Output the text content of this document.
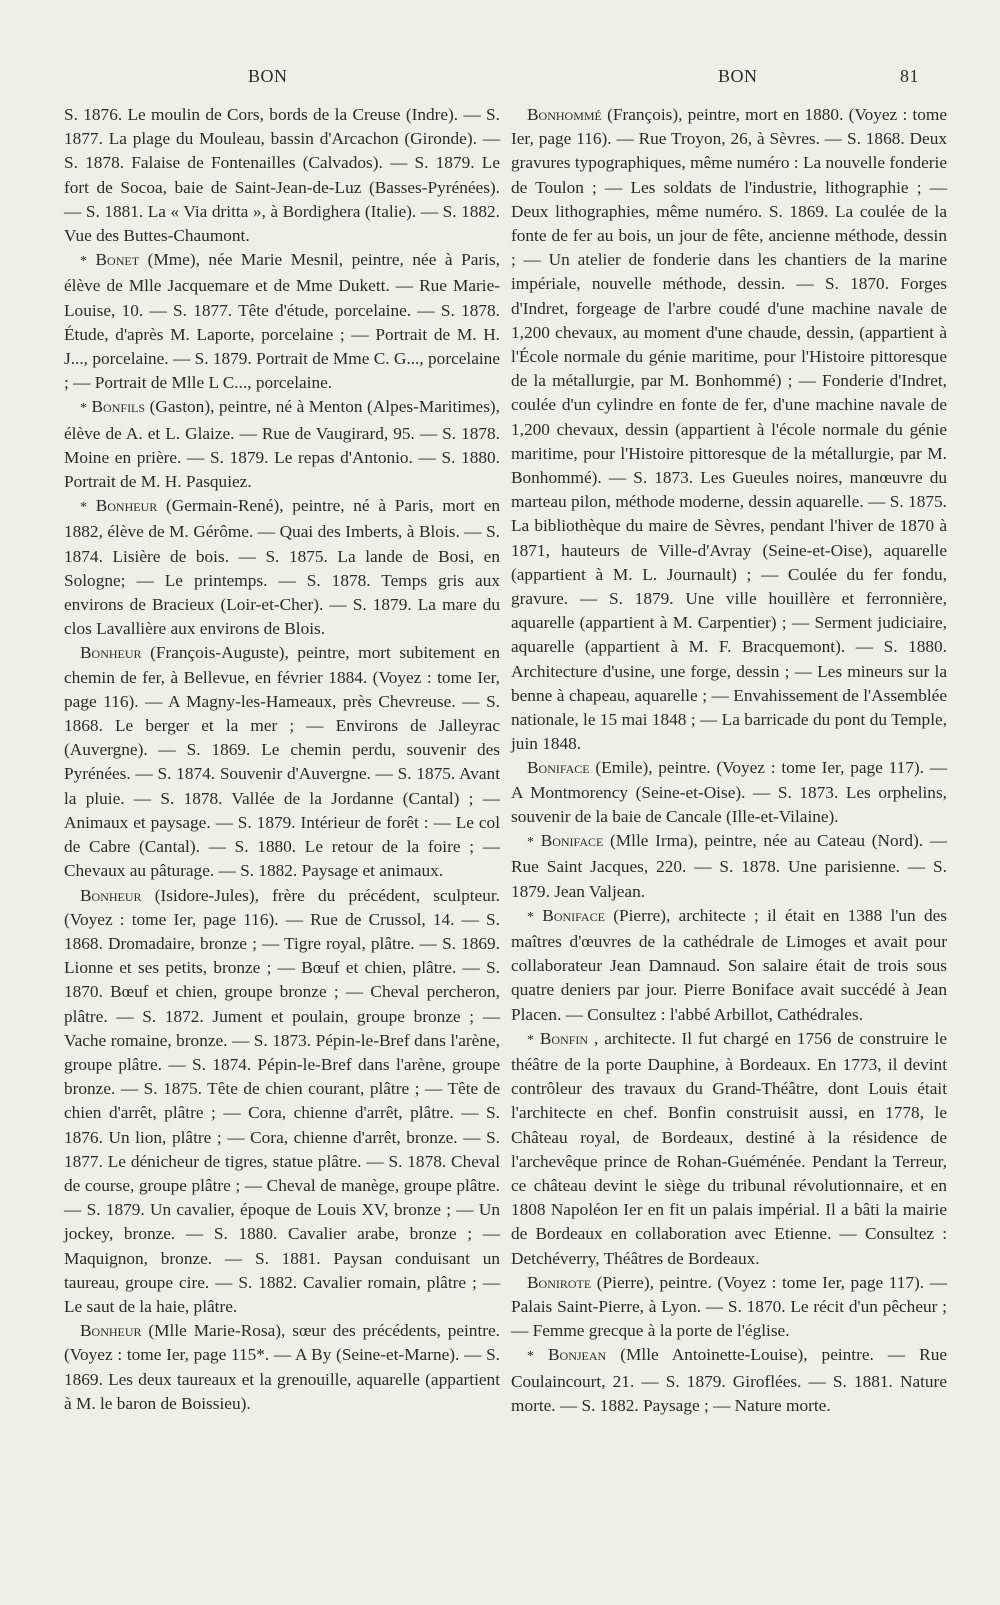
BON	BON	81

S. 1876. Le moulin de Cors, bords de la Creuse (Indre). — S. 1877. La plage du Mouleau, bassin d'Arcachon (Gironde). — S. 1878. Falaise de Fontenailles (Calvados). — S. 1879. Le fort de Socoa, baie de Saint-Jean-de-Luz (Basses-Pyrénées). — S. 1881. La « Via dritta », à Bordighera (Italie). — S. 1882. Vue des Buttes-Chaumont.

* Bonet (Mme), née Marie Mesnil, peintre, née à Paris, élève de Mlle Jacquemare et de Mme Dukett. — Rue Marie-Louise, 10. — S. 1877. Tête d'étude, porcelaine. — S. 1878. Étude, d'après M. Laporte, porcelaine ; — Portrait de M. H. J..., porcelaine. — S. 1879. Portrait de Mme C. G..., porcelaine ; — Portrait de Mlle L C..., porcelaine.

* Bonfils (Gaston), peintre, né à Menton (Alpes-Maritimes), élève de A. et L. Glaize. — Rue de Vaugirard, 95. — S. 1878. Moine en prière. — S. 1879. Le repas d'Antonio. — S. 1880. Portrait de M. H. Pasquiez.

* Bonheur (Germain-René), peintre, né à Paris, mort en 1882, élève de M. Gérôme. — Quai des Imberts, à Blois. — S. 1874. Lisière de bois. — S. 1875. La lande de Bosi, en Sologne; — Le printemps. — S. 1878. Temps gris aux environs de Bracieux (Loir-et-Cher). — S. 1879. La mare du clos Lavallière aux environs de Blois.

Bonheur (François-Auguste), peintre, mort subitement en chemin de fer, à Bellevue, en février 1884. (Voyez : tome Ier, page 116). — A Magny-les-Hameaux, près Chevreuse. — S. 1868. Le berger et la mer ; — Environs de Jalleyrac (Auvergne). — S. 1869. Le chemin perdu, souvenir des Pyrénées. — S. 1874. Souvenir d'Auvergne. — S. 1875. Avant la pluie. — S. 1878. Vallée de la Jordanne (Cantal) ; — Animaux et paysage. — S. 1879. Intérieur de forêt : — Le col de Cabre (Cantal). — S. 1880. Le retour de la foire ; — Chevaux au pâturage. — S. 1882. Paysage et animaux.

Bonheur (Isidore-Jules), frère du précédent, sculpteur. (Voyez : tome Ier, page 116). — Rue de Crussol, 14. — S. 1868. Dromadaire, bronze ; — Tigre royal, plâtre. — S. 1869. Lionne et ses petits, bronze ; — Bœuf et chien, plâtre. — S. 1870. Bœuf et chien, groupe bronze ; — Cheval percheron, plâtre. — S. 1872. Jument et poulain, groupe bronze ; — Vache romaine, bronze. — S. 1873. Pépin-le-Bref dans l'arène, groupe plâtre. — S. 1874. Pépin-le-Bref dans l'arène, groupe bronze. — S. 1875. Tête de chien courant, plâtre ; — Tête de chien d'arrêt, plâtre ; — Cora, chienne d'arrêt, plâtre. — S. 1876. Un lion, plâtre ; — Cora, chienne d'arrêt, bronze. — S. 1877. Le dénicheur de tigres, statue plâtre. — S. 1878. Cheval de course, groupe plâtre ; — Cheval de manège, groupe plâtre. — S. 1879. Un cavalier, époque de Louis XV, bronze ; — Un jockey, bronze. — S. 1880. Cavalier arabe, bronze ; — Maquignon, bronze. — S. 1881. Paysan conduisant un taureau, groupe cire. — S. 1882. Cavalier romain, plâtre ; — Le saut de la haie, plâtre.

Bonheur (Mlle Marie-Rosa), sœur des précédents, peintre. (Voyez : tome Ier, page 115*. — A By (Seine-et-Marne). — S. 1869. Les deux taureaux et la grenouille, aquarelle (appartient à M. le baron de Boissieu).

Bonhommé (François), peintre, mort en 1880. (Voyez : tome Ier, page 116). — Rue Troyon, 26, à Sèvres. — S. 1868. Deux gravures typographiques, même numéro : La nouvelle fonderie de Toulon ; — Les soldats de l'industrie, lithographie ; — Deux lithographies, même numéro. S. 1869. La coulée de la fonte de fer au bois, un jour de fête, ancienne méthode, dessin ; — Un atelier de fonderie dans les chantiers de la marine impériale, nouvelle méthode, dessin. — S. 1870. Forges d'Indret, forgeage de l'arbre coudé d'une machine navale de 1,200 chevaux, au moment d'une chaude, dessin, (appartient à l'École normale du génie maritime, pour l'Histoire pittoresque de la métallurgie, par M. Bonhommé) ; — Fonderie d'Indret, coulée d'un cylindre en fonte de fer, d'une machine navale de 1,200 chevaux, dessin (appartient à l'école normale du génie maritime, pour l'Histoire pittoresque de la métallurgie, par M. Bonhommé). — S. 1873. Les Gueules noires, manœuvre du marteau pilon, méthode moderne, dessin aquarelle. — S. 1875. La bibliothèque du maire de Sèvres, pendant l'hiver de 1870 à 1871, hauteurs de Ville-d'Avray (Seine-et-Oise), aquarelle (appartient à M. L. Journault) ; — Coulée du fer fondu, gravure. — S. 1879. Une ville houillère et ferronnière, aquarelle (appartient à M. Carpentier) ; — Serment judiciaire, aquarelle (appartient à M. F. Bracquemont). — S. 1880. Architecture d'usine, une forge, dessin ; — Les mineurs sur la benne à chapeau, aquarelle ; — Envahissement de l'Assemblée nationale, le 15 mai 1848 ; — La barricade du pont du Temple, juin 1848.

Boniface (Emile), peintre. (Voyez : tome Ier, page 117). — A Montmorency (Seine-et-Oise). — S. 1873. Les orphelins, souvenir de la baie de Cancale (Ille-et-Vilaine).

* Boniface (Mlle Irma), peintre, née au Cateau (Nord). — Rue Saint Jacques, 220. — S. 1878. Une parisienne. — S. 1879. Jean Valjean.

* Boniface (Pierre), architecte ; il était en 1388 l'un des maîtres d'œuvres de la cathédrale de Limoges et avait pour collaborateur Jean Damnaud. Son salaire était de trois sous quatre deniers par jour. Pierre Boniface avait succédé à Jean Placen. — Consultez : l'abbé Arbillot, Cathédrales.

* Bonfin , architecte. Il fut chargé en 1756 de construire le théâtre de la porte Dauphine, à Bordeaux. En 1773, il devint contrôleur des travaux du Grand-Théâtre, dont Louis était l'architecte en chef. Bonfin construisit aussi, en 1778, le Château royal, de Bordeaux, destiné à la résidence de l'archevêque prince de Rohan-Guéménée. Pendant la Terreur, ce château devint le siège du tribunal révolutionnaire, et en 1808 Napoléon Ier en fit un palais impérial. Il a bâti la mairie de Bordeaux en collaboration avec Etienne. — Consultez : Detchéverry, Théâtres de Bordeaux.

Bonirote (Pierre), peintre. (Voyez : tome Ier, page 117). — Palais Saint-Pierre, à Lyon. — S. 1870. Le récit d'un pêcheur ; — Femme grecque à la porte de l'église.

* Bonjean (Mlle Antoinette-Louise), peintre. — Rue Coulaincourt, 21. — S. 1879. Giroflées. — S. 1881. Nature morte. — S. 1882. Paysage ; — Nature morte.
